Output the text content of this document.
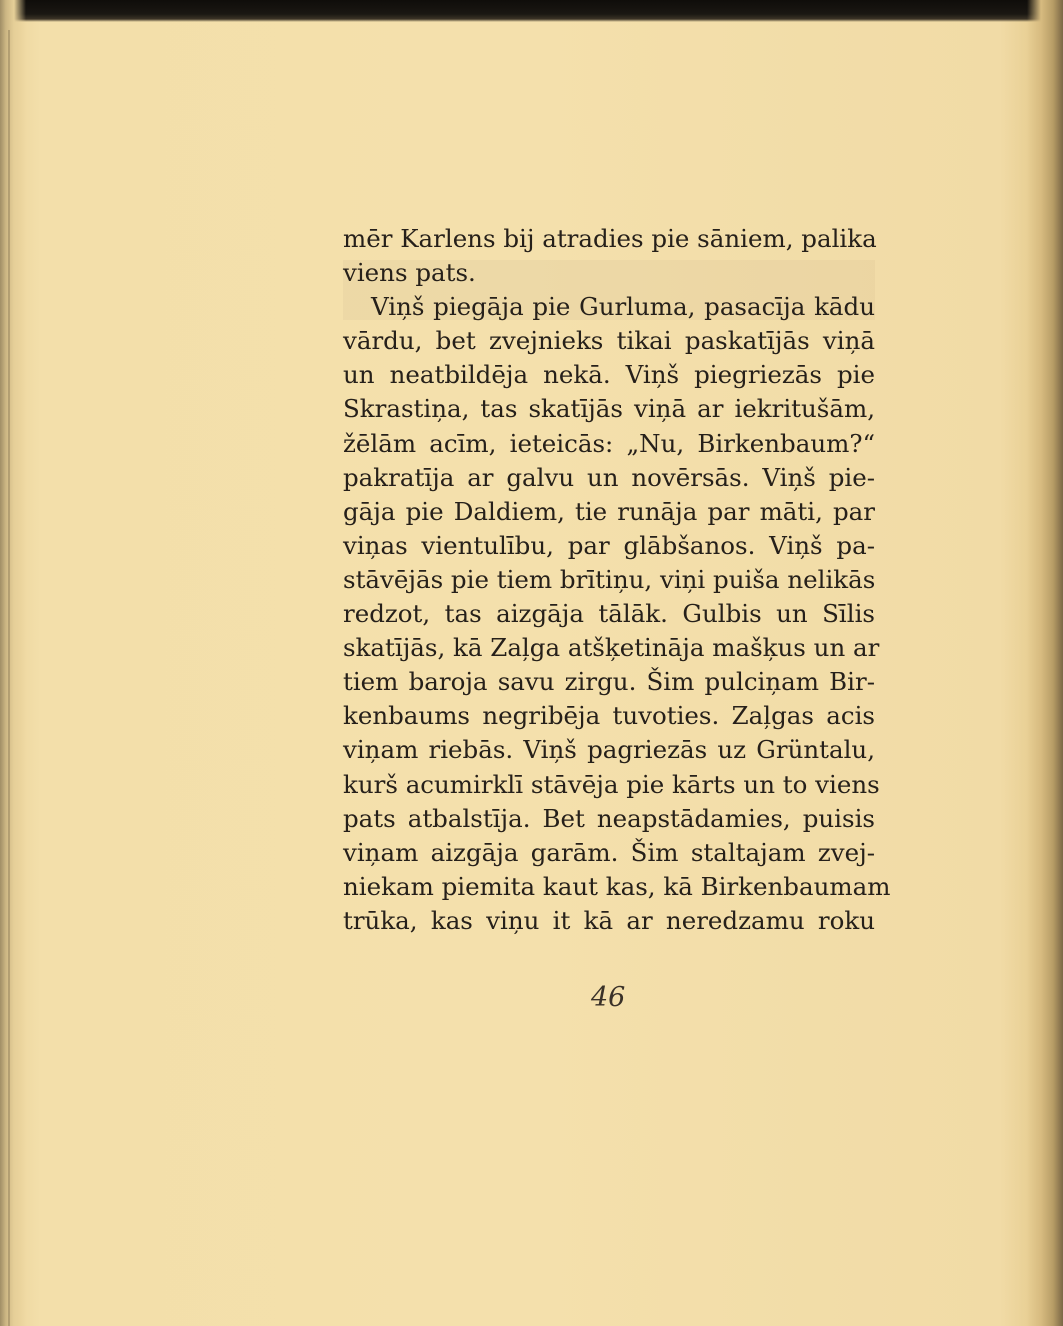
mēr Karlens bij atradies pie sāniem, palika
viens pats.
Viņš piegāja pie Gurluma, pasacīja kādu
vārdu, bet zvejnieks tikai paskatījās viņā
un neatbildēja nekā. Viņš piegriezās pie
Skrastiņa, tas skatījās viņā ar iekritušām,
žēlām acīm, ieteicās: „Nu, Birkenbaum?“
pakratīja ar galvu un novērsās. Viņš pie-
gāja pie Daldiem, tie runāja par māti, par
viņas vientulību, par glābšanos. Viņš pa-
stāvējās pie tiem brītiņu, viņi puiša nelikās
redzot, tas aizgāja tālāk. Gulbis un Sīlis
skatījās, kā Zaļga atšķetināja mašķus un ar
tiem baroja savu zirgu. Šim pulciņam Bir-
kenbaums negribēja tuvoties. Zaļgas acis
viņam riebās. Viņš pagriezās uz Grüntalu,
kurš acumirklī stāvēja pie kārts un to viens
pats atbalstīja. Bet neapstādamies, puisis
viņam aizgāja garām. Šim staltajam zvej-
niekam piemita kaut kas, kā Birkenbaumam
trūka, kas viņu it kā ar neredzamu roku
46
